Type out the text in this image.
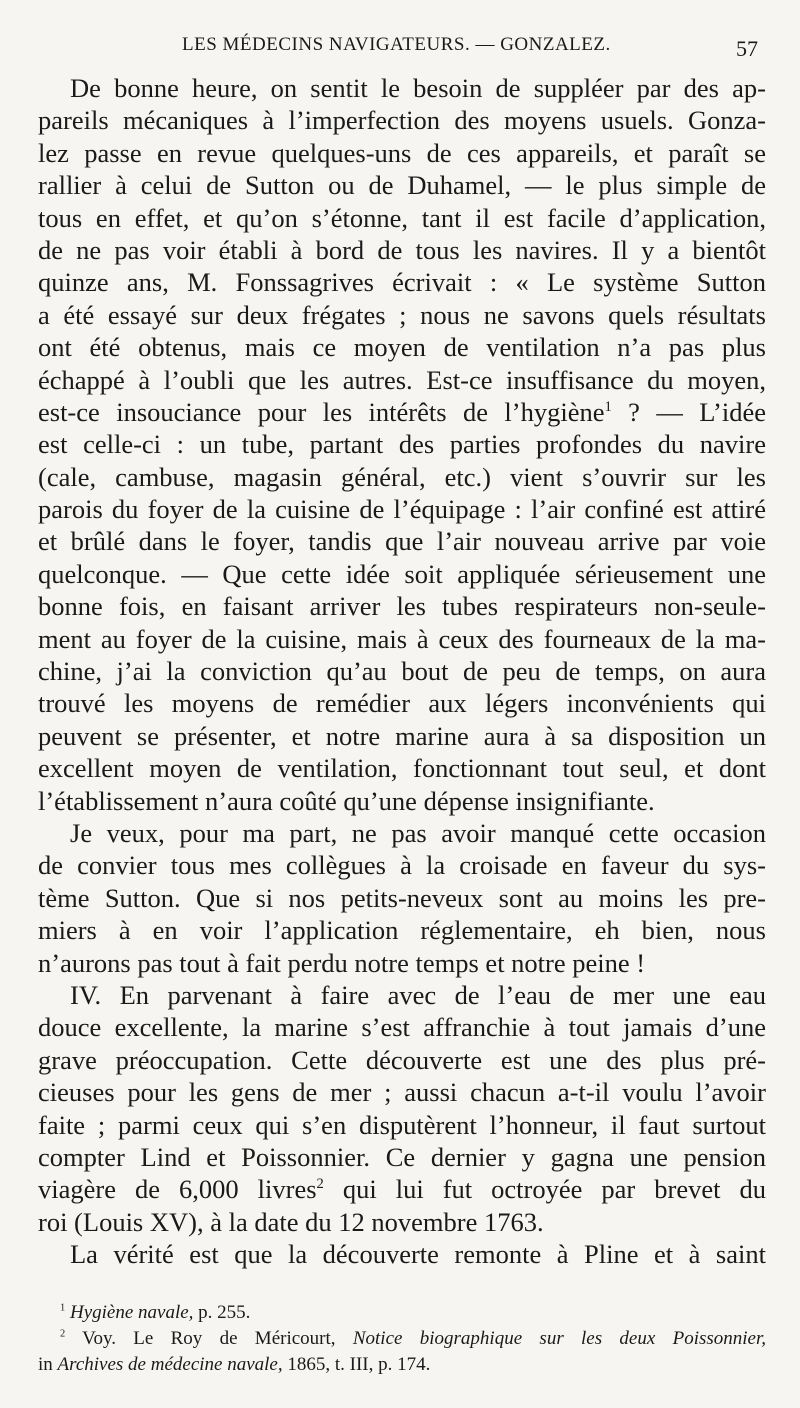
LES MÉDECINS NAVIGATEURS. — GONZALEZ.	57
De bonne heure, on sentit le besoin de suppléer par des ap-
pareils mécaniques à l’imperfection des moyens usuels. Gonza-
lez passe en revue quelques-uns de ces appareils, et paraît se
rallier à celui de Sutton ou de Duhamel, — le plus simple de
tous en effet, et qu’on s’étonne, tant il est facile d’application,
de ne pas voir établi à bord de tous les navires. Il y a bientôt
quinze ans, M. Fonssagrives écrivait : « Le système Sutton
a été essayé sur deux frégates ; nous ne savons quels résultats
ont été obtenus, mais ce moyen de ventilation n’a pas plus
échappé à l’oubli que les autres. Est-ce insuffisance du moyen,
est-ce insouciance pour les intérêts de l’hygiène$^1$ ? — L’idée
est celle-ci : un tube, partant des parties profondes du navire
(cale, cambuse, magasin général, etc.) vient s’ouvrir sur les
parois du foyer de la cuisine de l’équipage : l’air confiné est attiré
et brûlé dans le foyer, tandis que l’air nouveau arrive par voie
quelconque. — Que cette idée soit appliquée sérieusement une
bonne fois, en faisant arriver les tubes respirateurs non-seule-
ment au foyer de la cuisine, mais à ceux des fourneaux de la ma-
chine, j’ai la conviction qu’au bout de peu de temps, on aura
trouvé les moyens de remédier aux légers inconvénients qui
peuvent se présenter, et notre marine aura à sa disposition un
excellent moyen de ventilation, fonctionnant tout seul, et dont
l’établissement n’aura coûté qu’une dépense insignifiante.
Je veux, pour ma part, ne pas avoir manqué cette occasion
de convier tous mes collègues à la croisade en faveur du sys-
tème Sutton. Que si nos petits-neveux sont au moins les pre-
miers à en voir l’application réglementaire, eh bien, nous
n’aurons pas tout à fait perdu notre temps et notre peine !
IV. En parvenant à faire avec de l’eau de mer une eau
douce excellente, la marine s’est affranchie à tout jamais d’une
grave préoccupation. Cette découverte est une des plus pré-
cieuses pour les gens de mer ; aussi chacun a-t-il voulu l’avoir
faite ; parmi ceux qui s’en disputèrent l’honneur, il faut surtout
compter Lind et Poissonnier. Ce dernier y gagna une pension
viagère de 6,000 livres$^2$ qui lui fut octroyée par brevet du
roi (Louis XV), à la date du 12 novembre 1763.
La vérité est que la découverte remonte à Pline et à saint
$^1$ Hygiène navale, p. 255.
$^2$ Voy. Le Roy de Méricourt, Notice biographique sur les deux Poissonnier,
in Archives de médecine navale, 1865, t. III, p. 174.
